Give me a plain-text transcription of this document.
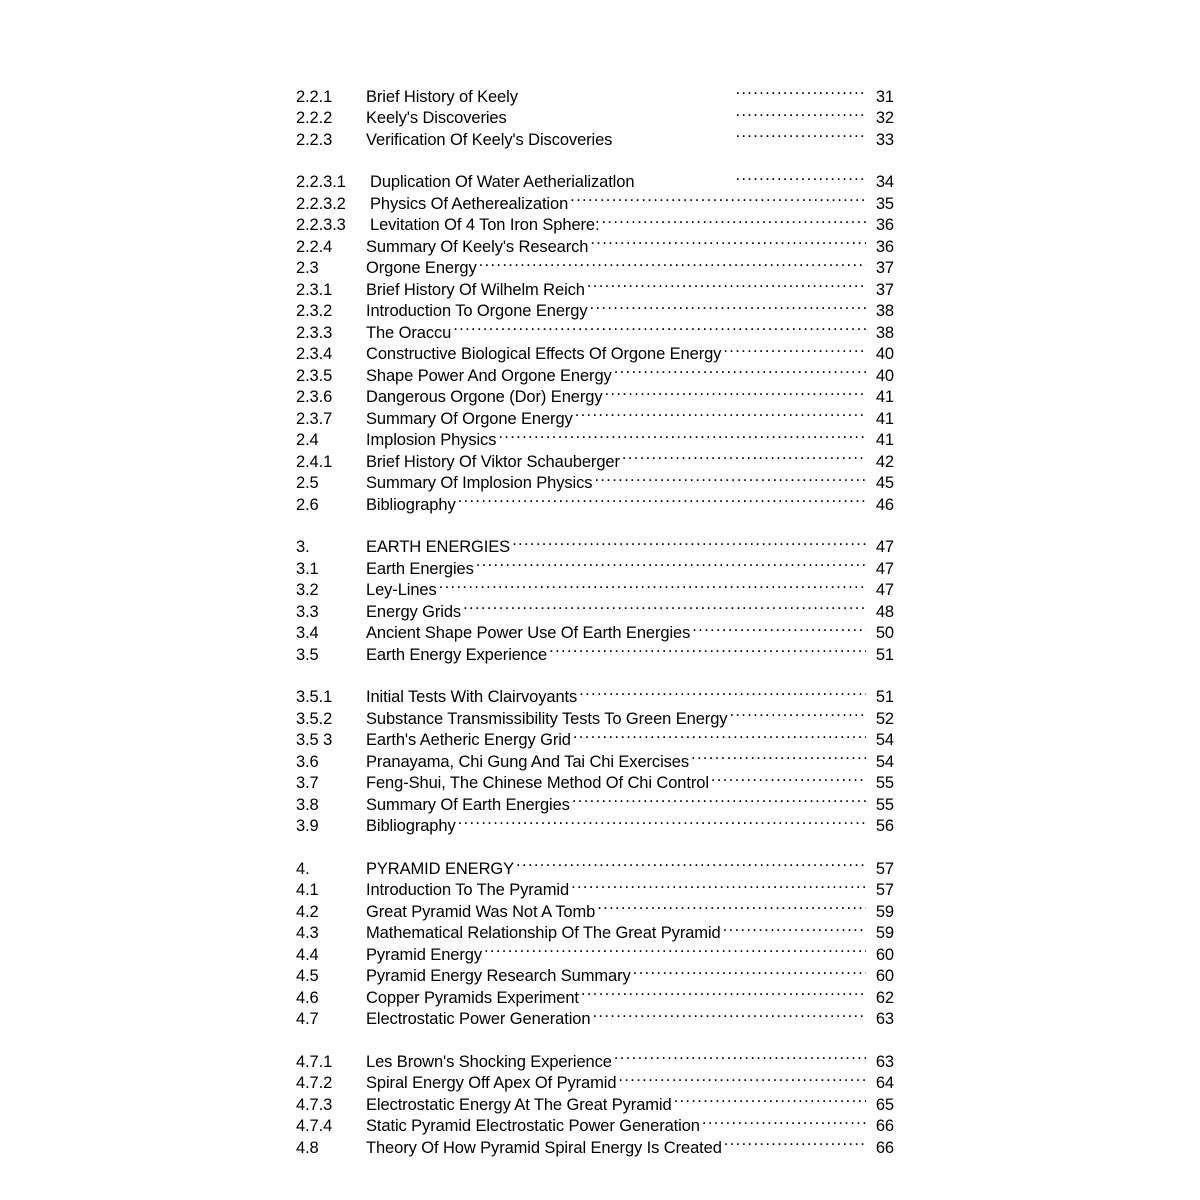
2.2.1	Brief History of Keely .....	31
2.2.2	Keely's Discoveries .....	32
2.2.3	Verification Of Keely's Discoveries .....	33
2.2.3.1	Duplication Of Water Aetherializatlon .....	34
2.2.3.2	Physics Of Aetherealization .....	35
2.2.3.3	Levitation Of 4 Ton Iron Sphere: .....	36
2.2.4	Summary Of Keely's Research .....	36
2.3	Orgone Energy .....	37
2.3.1	Brief History Of Wilhelm Reich .....	37
2.3.2	Introduction To Orgone Energy .....	38
2.3.3	The Oraccu .....	38
2.3.4	Constructive Biological Effects Of Orgone Energy .....	40
2.3.5	Shape Power And Orgone Energy .....	40
2.3.6	Dangerous Orgone (Dor) Energy .....	41
2.3.7	Summary Of Orgone Energy .....	41
2.4	Implosion Physics .....	41
2.4.1	Brief History Of Viktor Schauberger .....	42
2.5	Summary Of Implosion Physics .....	45
2.6	Bibliography .....	46
3.	EARTH ENERGIES .....	47
3.1	Earth Energies .....	47
3.2	Ley-Lines .....	47
3.3	Energy Grids .....	48
3.4	Ancient Shape Power Use Of Earth Energies .....	50
3.5	Earth Energy Experience .....	51
3.5.1	Initial Tests With Clairvoyants .....	51
3.5.2	Substance Transmissibility Tests To Green Energy .....	52
3.5 3	Earth's Aetheric Energy Grid .....	54
3.6	Pranayama, Chi Gung And Tai Chi Exercises .....	54
3.7	Feng-Shui, The Chinese Method Of Chi Control .....	55
3.8	Summary Of Earth Energies .....	55
3.9	Bibliography .....	56
4.	PYRAMID ENERGY .....	57
4.1	Introduction To The Pyramid .....	57
4.2	Great Pyramid Was Not A Tomb .....	59
4.3	Mathematical Relationship Of The Great Pyramid .....	59
4.4	Pyramid Energy .....	60
4.5	Pyramid Energy Research Summary .....	60
4.6	Copper Pyramids Experiment .....	62
4.7	Electrostatic Power Generation .....	63
4.7.1	Les Brown's Shocking Experience .....	63
4.7.2	Spiral Energy Off Apex Of Pyramid .....	64
4.7.3	Electrostatic Energy At The Great Pyramid .....	65
4.7.4	Static Pyramid Electrostatic Power Generation .....	66
4.8	Theory Of How Pyramid Spiral Energy Is Created .....	66
